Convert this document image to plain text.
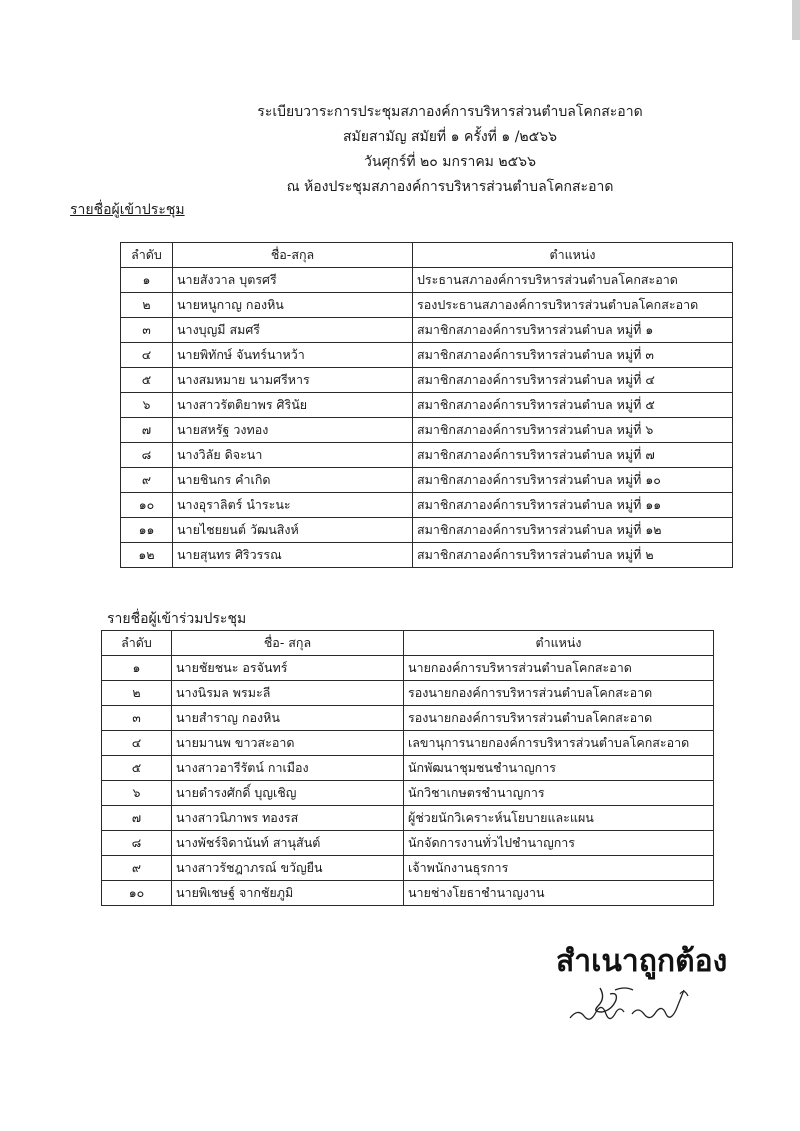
ระเบียบวาระการประชุมสภาองค์การบริหารส่วนตำบลโคกสะอาด
สมัยสามัญ สมัยที่ ๑ ครั้งที่ ๑ /๒๕๖๖
วันศุกร์ที่ ๒๐ มกราคม ๒๕๖๖
ณ ห้องประชุมสภาองค์การบริหารส่วนตำบลโคกสะอาด
รายชื่อผู้เข้าประชุม
ลำดับ	ชื่อ-สกุล	ตำแหน่ง
๑	นายสังวาล บุตรศรี	ประธานสภาองค์การบริหารส่วนตำบลโคกสะอาด
๒	นายหนูกาญ กองหิน	รองประธานสภาองค์การบริหารส่วนตำบลโคกสะอาด
๓	นางบุญมี สมศรี	สมาชิกสภาองค์การบริหารส่วนตำบล หมู่ที่ ๑
๔	นายพิทักษ์ จันทร์นาหว้า	สมาชิกสภาองค์การบริหารส่วนตำบล หมู่ที่ ๓
๕	นางสมหมาย นามศรีหาร	สมาชิกสภาองค์การบริหารส่วนตำบล หมู่ที่ ๔
๖	นางสาวรัตติยาพร ศิรินัย	สมาชิกสภาองค์การบริหารส่วนตำบล หมู่ที่ ๕
๗	นายสหรัฐ วงทอง	สมาชิกสภาองค์การบริหารส่วนตำบล หมู่ที่ ๖
๘	นางวิลัย ดิจะนา	สมาชิกสภาองค์การบริหารส่วนตำบล หมู่ที่ ๗
๙	นายชินกร คำเกิด	สมาชิกสภาองค์การบริหารส่วนตำบล หมู่ที่ ๑๐
๑๐	นางอุราลิตร์ นำระนะ	สมาชิกสภาองค์การบริหารส่วนตำบล หมู่ที่ ๑๑
๑๑	นายไชยยนต์ วัฒนสิงห์	สมาชิกสภาองค์การบริหารส่วนตำบล หมู่ที่ ๑๒
๑๒	นายสุนทร ศิริวรรณ	สมาชิกสภาองค์การบริหารส่วนตำบล หมู่ที่ ๒
รายชื่อผู้เข้าร่วมประชุม
ลำดับ	ชื่อ- สกุล	ตำแหน่ง
๑	นายชัยชนะ อรจันทร์	นายกองค์การบริหารส่วนตำบลโคกสะอาด
๒	นางนิรมล พรมะลี	รองนายกองค์การบริหารส่วนตำบลโคกสะอาด
๓	นายสำราญ กองหิน	รองนายกองค์การบริหารส่วนตำบลโคกสะอาด
๔	นายมานพ ขาวสะอาด	เลขานุการนายกองค์การบริหารส่วนตำบลโคกสะอาด
๕	นางสาวอารีรัตน์ กาเมือง	นักพัฒนาชุมชนชำนาญการ
๖	นายดำรงศักดิ์ บุญเชิญ	นักวิชาเกษตรชำนาญการ
๗	นางสาวนิภาพร ทองรส	ผู้ช่วยนักวิเคราะห์นโยบายและแผน
๘	นางพัชร์จิดานันท์ สานุสันต์	นักจัดการงานทั่วไปชำนาญการ
๙	นางสาวรัชฎาภรณ์ ขวัญยืน	เจ้าพนักงานธุรการ
๑๐	นายพิเชษฐ์ จากชัยภูมิ	นายช่างโยธาชำนาญงาน
สำเนาถูกต้อง
